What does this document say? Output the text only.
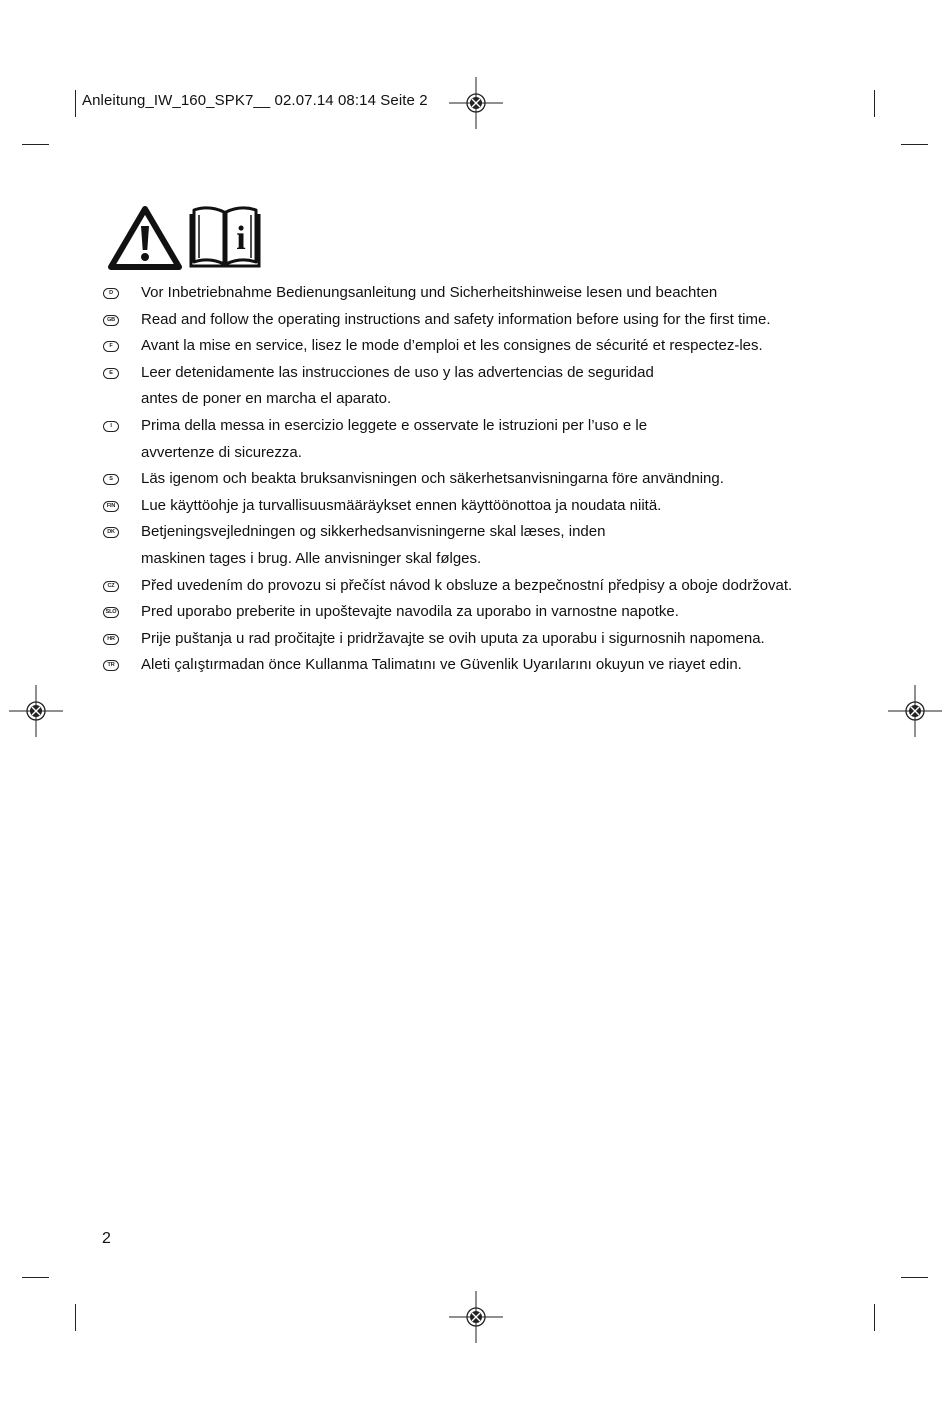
Anleitung_IW_160_SPK7__ 02.07.14 08:14 Seite 2
i
D	Vor Inbetriebnahme Bedienungsanleitung und Sicherheitshinweise lesen und beachten
GB Read and follow the operating instructions and safety information before using for the first time.
F	Avant la mise en service, lisez le mode d’emploi et les consignes de sécurité et respectez-les.
E	Leer detenidamente las instrucciones de uso y las advertencias de seguridad
antes de poner en marcha el aparato.
I	Prima della messa in esercizio leggete e osservate le istruzioni per l’uso e le
avvertenze di sicurezza.
S	Läs igenom och beakta bruksanvisningen och säkerhetsanvisningarna före användning.
FIN Lue käyttöohje ja turvallisuusmääräykset ennen käyttöönottoa ja noudata niitä.
DK Betjeningsvejledningen og sikkerhedsanvisningerne skal læses, inden
maskinen tages i brug. Alle anvisninger skal følges.
CZ	Před uvedením do provozu si přečíst návod k obsluze a bezpečnostní předpisy a oboje dodržovat.
SLO Pred uporabo preberite in upoštevajte navodila za uporabo in varnostne napotke.
HR Prije puštanja u rad pročitajte i pridržavajte se ovih uputa za uporabu i sigurnosnih napomena.
TR	Aleti çalıştırmadan önce Kullanma Talimatını ve Güvenlik Uyarılarını okuyun ve riayet edin.
2
